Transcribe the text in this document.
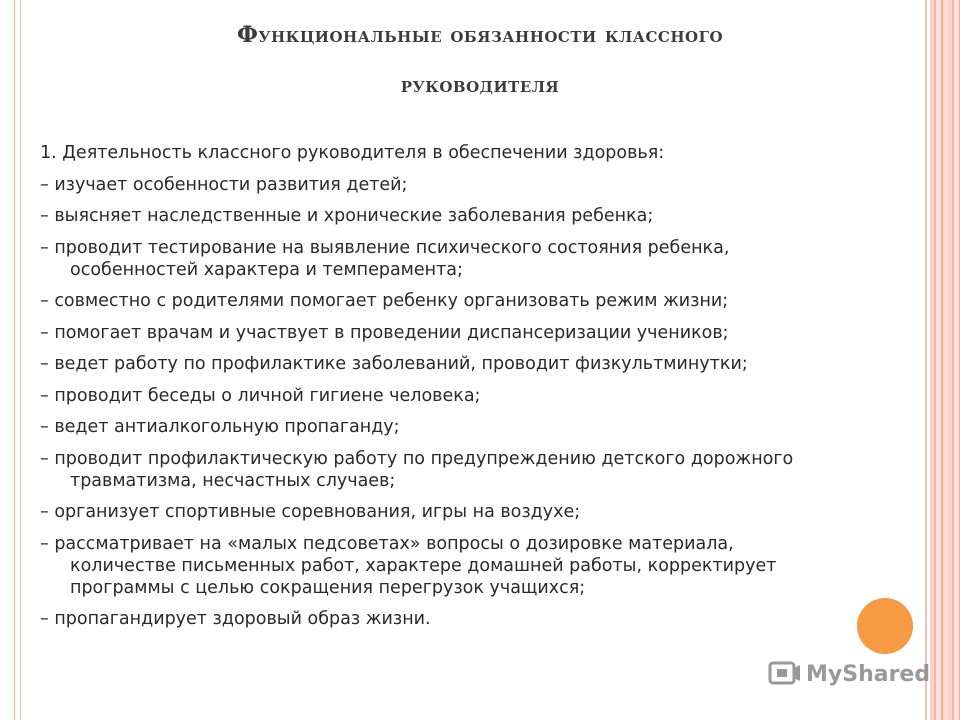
Функциональные обязанности классного
руководителя

1. Деятельность классного руководителя в обеспечении здоровья:

– изучает особенности развития детей;

– выясняет наследственные и хронические заболевания ребенка;

– проводит тестирование на выявление психического состояния ребенка,
особенностей характера и темперамента;

– совместно с родителями помогает ребенку организовать режим жизни;

– помогает врачам и участвует в проведении диспансеризации учеников;

– ведет работу по профилактике заболеваний, проводит физкультминутки;

– проводит беседы о личной гигиене человека;

– ведет антиалкогольную пропаганду;

– проводит профилактическую работу по предупреждению детского дорожного
травматизма, несчастных случаев;

– организует спортивные соревнования, игры на воздухе;

– рассматривает на «малых педсоветах» вопросы о дозировке материала,
количестве письменных работ, характере домашней работы, корректирует
программы с целью сокращения перегрузок учащихся;

– пропагандирует здоровый образ жизни.

MyShared
